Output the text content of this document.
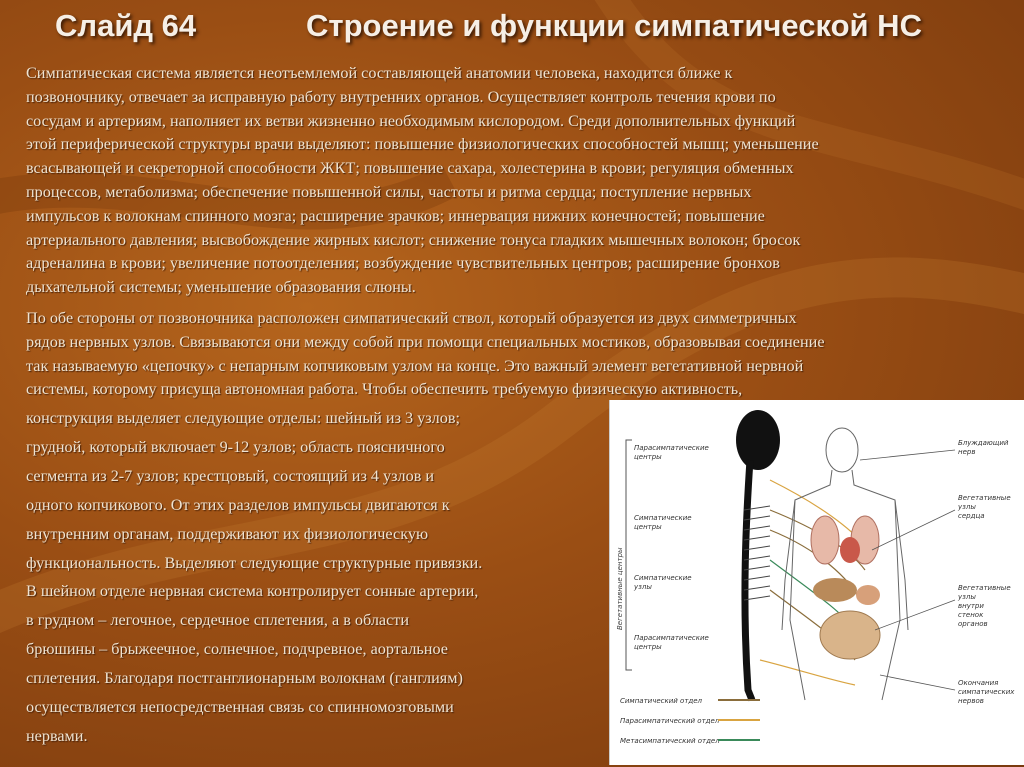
Слайд 64	Строение и функции симпатической НС
Симпатическая система является неотъемлемой составляющей анатомии человека, находится ближе к
позвоночнику, отвечает за исправную работу внутренних органов. Осуществляет контроль течения крови по
сосудам и артериям, наполняет их ветви жизненно необходимым кислородом. Среди дополнительных функций
этой периферической структуры врачи выделяют: повышение физиологических способностей мышц; уменьшение
всасывающей и секреторной способности ЖКТ; повышение сахара, холестерина в крови; регуляция обменных
процессов, метаболизма; обеспечение повышенной силы, частоты и ритма сердца; поступление нервных
импульсов к волокнам спинного мозга; расширение зрачков; иннервация нижних конечностей; повышение
артериального давления; высвобождение жирных кислот; снижение тонуса гладких мышечных волокон; бросок
адреналина в крови; увеличение потоотделения; возбуждение чувствительных центров; расширение бронхов
дыхательной системы; уменьшение образования слюны.
По обе стороны от позвоночника расположен симпатический ствол, который образуется из двух симметричных
рядов нервных узлов. Связываются они между собой при помощи специальных мостиков, образовывая соединение
так называемую «цепочку» с непарным копчиковым узлом на конце. Это важный элемент вегетативной нервной
системы, которому присуща автономная работа. Чтобы обеспечить требуемую физическую активность,
конструкция выделяет следующие отделы: шейный из 3 узлов;
грудной, который включает 9-12 узлов; область поясничного
сегмента из 2-7 узлов; крестцовый, состоящий из 4 узлов и
одного копчикового. От этих разделов импульсы двигаются к
внутренним органам, поддерживают их физиологическую
функциональность. Выделяют следующие структурные привязки.
В шейном отделе нервная система контролирует сонные артерии,
в грудном – легочное, сердечное сплетения, а в области
брюшины – брыжеечное, солнечное, подчревное, аортальное
сплетения. Благодаря постганглионарным волокнам (ганглиям)
осуществляется непосредственная связь со спинномозговыми
нервами.
Вегетативные центры
Парасимпатические
центры
Симпатические
центры
Симпатические
узлы
Парасимпатические
центры
Блуждающий
нерв
Вегетативные
узлы
сердца
Вегетативные
узлы
внутри
стенок
органов
Окончания
симпатических
нервов
Симпатический отдел
Парасимпатический отдел
Метасимпатический отдел
